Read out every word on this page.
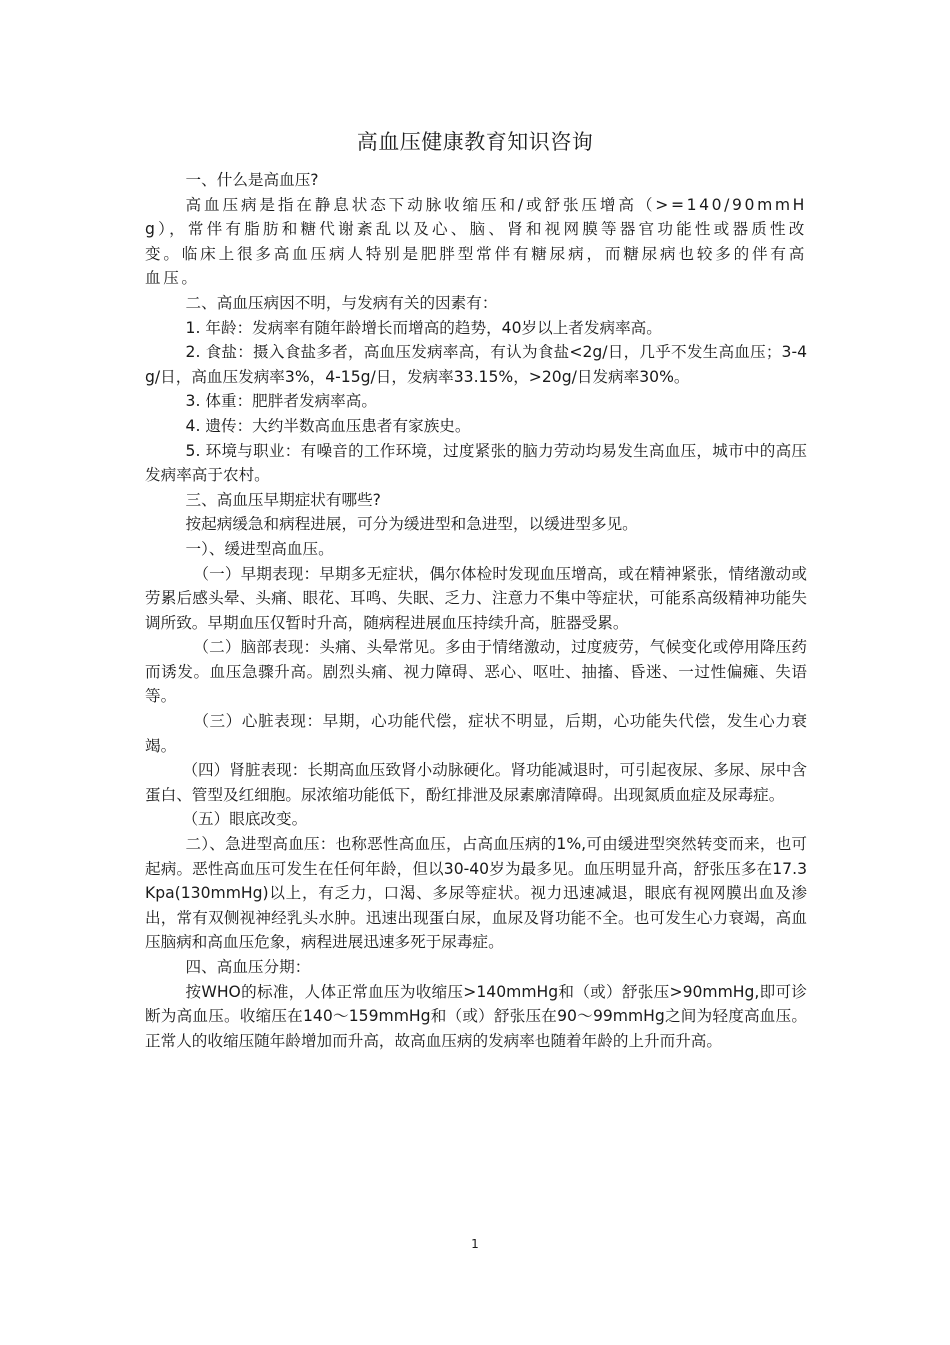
高血压健康教育知识咨询

一、什么是高血压?

高血压病是指在静息状态下动脉收缩压和/或舒张压增高（>=140/90mmHg），常伴有脂肪和糖代谢紊乱以及心、脑、肾和视网膜等器官功能性或器质性改变。临床上很多高血压病人特别是肥胖型常伴有糖尿病，而糖尿病也较多的伴有高血压。

二、高血压病因不明，与发病有关的因素有：

1. 年龄：发病率有随年龄增长而增高的趋势，40岁以上者发病率高。

2. 食盐：摄入食盐多者，高血压发病率高，有认为食盐<2g/日，几乎不发生高血压；3-4g/日，高血压发病率3%，4-15g/日，发病率33.15%，>20g/日发病率30%。

3. 体重：肥胖者发病率高。

4. 遗传：大约半数高血压患者有家族史。

5. 环境与职业：有噪音的工作环境，过度紧张的脑力劳动均易发生高血压，城市中的高压发病率高于农村。

三、高血压早期症状有哪些?

按起病缓急和病程进展，可分为缓进型和急进型，以缓进型多见。

一）、缓进型高血压。

（一）早期表现：早期多无症状，偶尔体检时发现血压增高，或在精神紧张，情绪激动或劳累后感头晕、头痛、眼花、耳鸣、失眠、乏力、注意力不集中等症状，可能系高级精神功能失调所致。早期血压仅暂时升高，随病程进展血压持续升高，脏器受累。

（二）脑部表现：头痛、头晕常见。多由于情绪激动，过度疲劳，气候变化或停用降压药而诱发。血压急骤升高。剧烈头痛、视力障碍、恶心、呕吐、抽搐、昏迷、一过性偏瘫、失语等。

（三）心脏表现：早期，心功能代偿，症状不明显，后期，心功能失代偿，发生心力衰竭。

（四）肾脏表现：长期高血压致肾小动脉硬化。肾功能减退时，可引起夜尿、多尿、尿中含蛋白、管型及红细胞。尿浓缩功能低下，酚红排泄及尿素廓清障碍。出现氮质血症及尿毒症。

（五）眼底改变。

二）、急进型高血压：也称恶性高血压，占高血压病的1%,可由缓进型突然转变而来，也可起病。恶性高血压可发生在任何年龄，但以30-40岁为最多见。血压明显升高，舒张压多在17.3Kpa(130mmHg)以上，有乏力，口渴、多尿等症状。视力迅速减退，眼底有视网膜出血及渗出，常有双侧视神经乳头水肿。迅速出现蛋白尿，血尿及肾功能不全。也可发生心力衰竭，高血压脑病和高血压危象，病程进展迅速多死于尿毒症。

四、高血压分期：

按WHO的标准，人体正常血压为收缩压>140mmHg和（或）舒张压>90mmHg,即可诊断为高血压。收缩压在140～159mmHg和（或）舒张压在90～99mmHg之间为轻度高血压。正常人的收缩压随年龄增加而升高，故高血压病的发病率也随着年龄的上升而升高。

1
